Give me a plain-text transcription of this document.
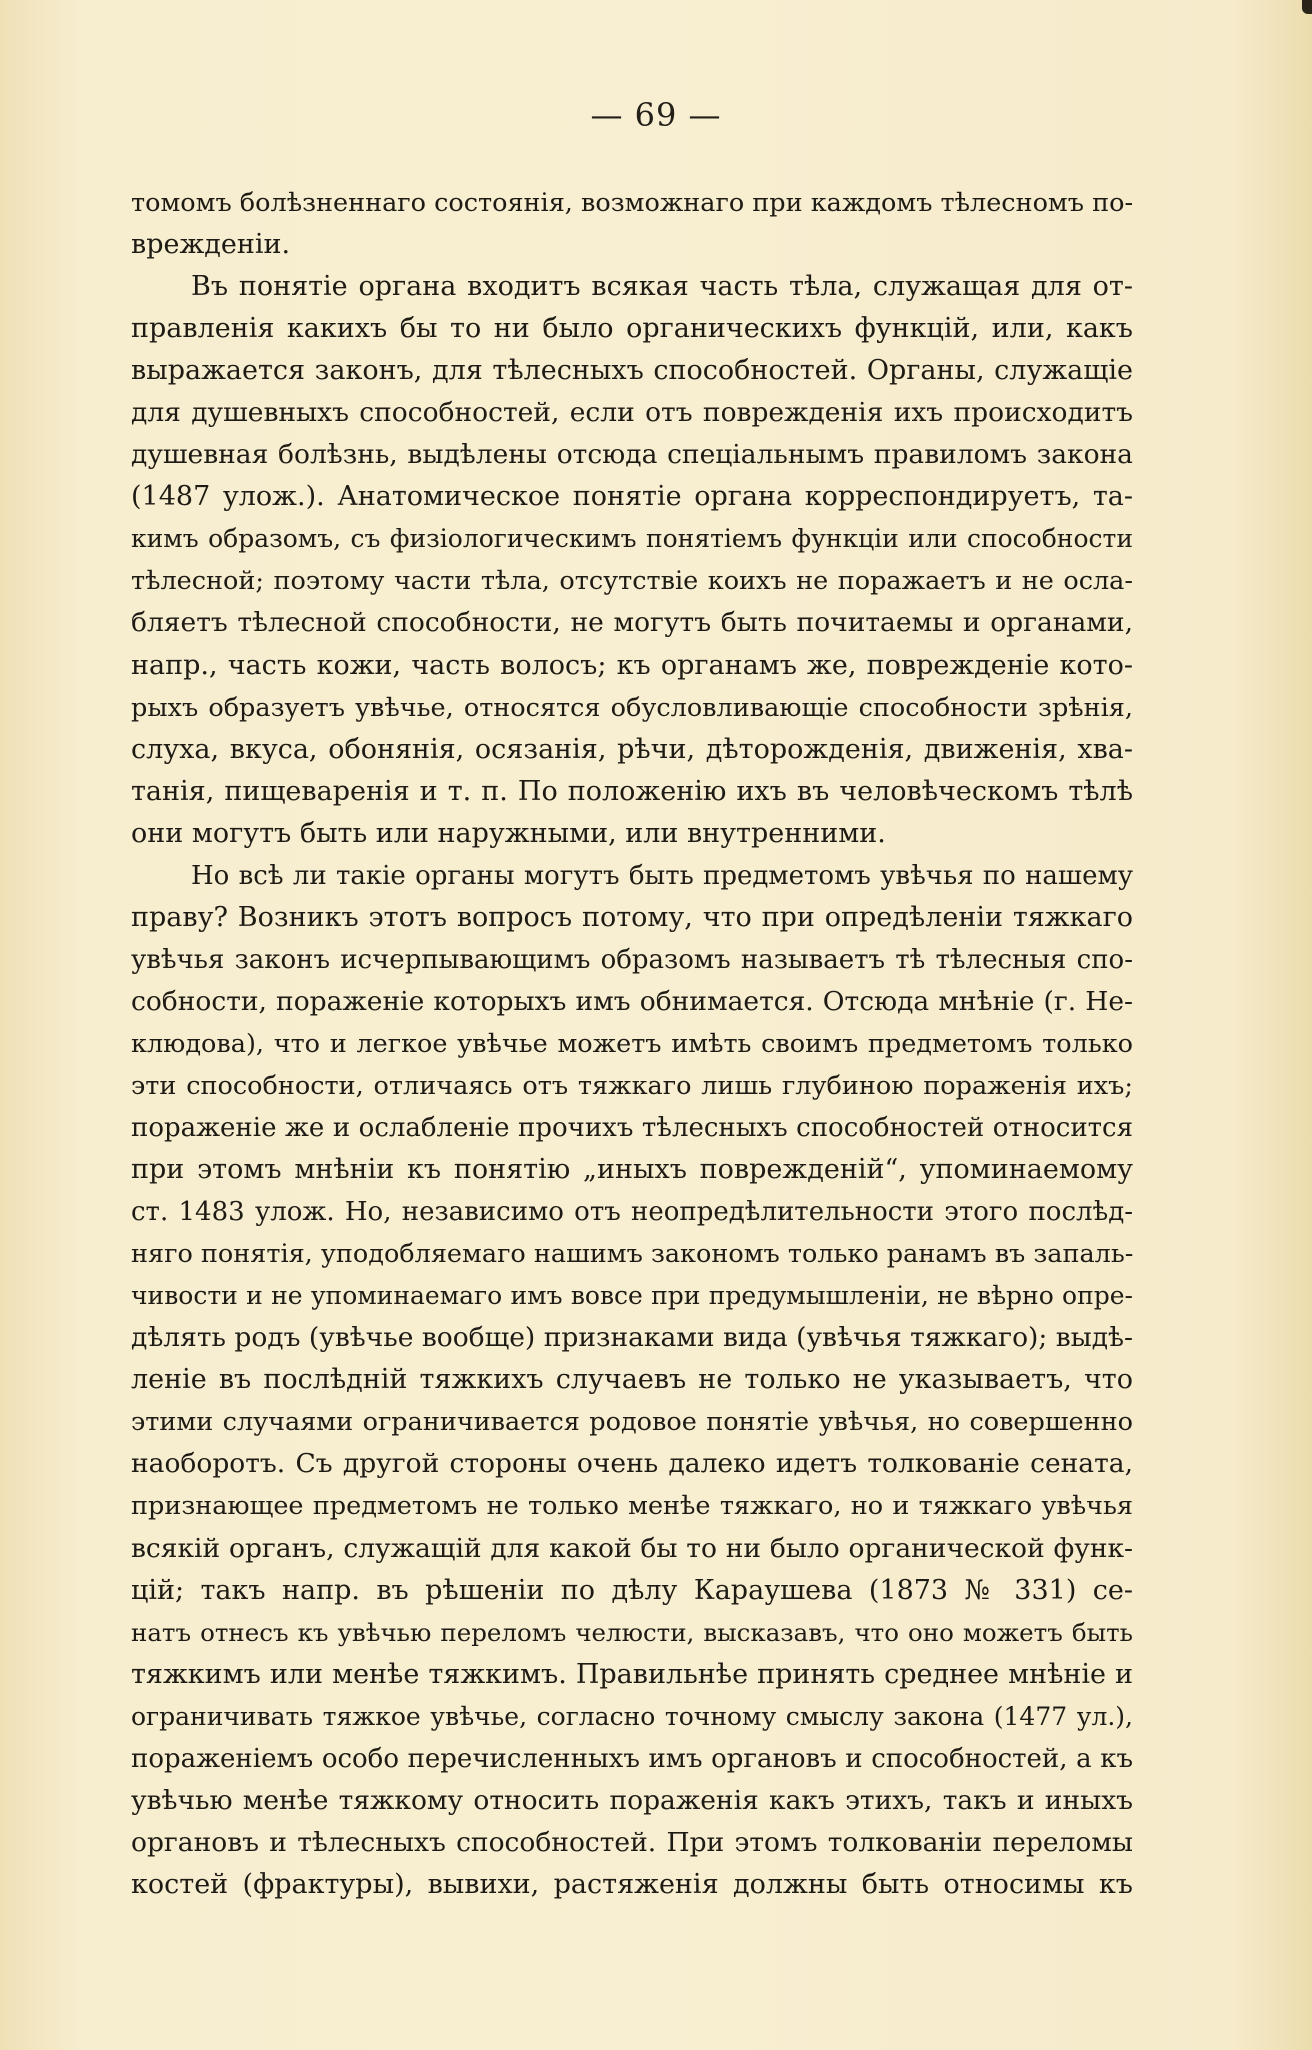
— 69 —
томомъ болѣзненнаго состоянія, возможнаго при каждомъ тѣлесномъ по-
врежденіи.
Въ понятіе органа входитъ всякая часть тѣла, служащая для от-
правленія какихъ бы то ни было органическихъ функцій, или, какъ
выражается законъ, для тѣлесныхъ способностей. Органы, служащіе
для душевныхъ способностей, если отъ поврежденія ихъ происходитъ
душевная болѣзнь, выдѣлены отсюда спеціальнымъ правиломъ закона
(1487 улож.). Анатомическое понятіе органа корреспондируетъ, та-
кимъ образомъ, съ физіологическимъ понятіемъ функціи или способности
тѣлесной; поэтому части тѣла, отсутствіе коихъ не поражаетъ и не осла-
бляетъ тѣлесной способности, не могутъ быть почитаемы и органами,
напр., часть кожи, часть волосъ; къ органамъ же, поврежденіе кото-
рыхъ образуетъ увѣчье, относятся обусловливающіе способности зрѣнія,
слуха, вкуса, обонянія, осязанія, рѣчи, дѣторожденія, движенія, хва-
танія, пищеваренія и т. п. По положенію ихъ въ человѣческомъ тѣлѣ
они могутъ быть или наружными, или внутренними.
Но всѣ ли такіе органы могутъ быть предметомъ увѣчья по нашему
праву? Возникъ этотъ вопросъ потому, что при опредѣленіи тяжкаго
увѣчья законъ исчерпывающимъ образомъ называетъ тѣ тѣлесныя спо-
собности, пораженіе которыхъ имъ обнимается. Отсюда мнѣніе (г. Не-
клюдова), что и легкое увѣчье можетъ имѣть своимъ предметомъ только
эти способности, отличаясь отъ тяжкаго лишь глубиною пораженія ихъ;
пораженіе же и ослабленіе прочихъ тѣлесныхъ способностей относится
при этомъ мнѣніи къ понятію „иныхъ поврежденій“, упоминаемому
ст. 1483 улож. Но, независимо отъ неопредѣлительности этого послѣд-
няго понятія, уподобляемаго нашимъ закономъ только ранамъ въ запаль-
чивости и не упоминаемаго имъ вовсе при предумышленіи, не вѣрно опре-
дѣлять родъ (увѣчье вообще) признаками вида (увѣчья тяжкаго); выдѣ-
леніе въ послѣдній тяжкихъ случаевъ не только не указываетъ, что
этими случаями ограничивается родовое понятіе увѣчья, но совершенно
наоборотъ. Съ другой стороны очень далеко идетъ толкованіе сената,
признающее предметомъ не только менѣе тяжкаго, но и тяжкаго увѣчья
всякій органъ, служащій для какой бы то ни было органической функ-
цій; такъ напр. въ рѣшеніи по дѣлу Караушева (1873 № 331) се-
натъ отнесъ къ увѣчью переломъ челюсти, высказавъ, что оно можетъ быть
тяжкимъ или менѣе тяжкимъ. Правильнѣе принять среднее мнѣніе и
ограничивать тяжкое увѣчье, согласно точному смыслу закона (1477 ул.),
пораженіемъ особо перечисленныхъ имъ органовъ и способностей, а къ
увѣчью менѣе тяжкому относить пораженія какъ этихъ, такъ и иныхъ
органовъ и тѣлесныхъ способностей. При этомъ толкованіи переломы
костей (фрактуры), вывихи, растяженія должны быть относимы къ
